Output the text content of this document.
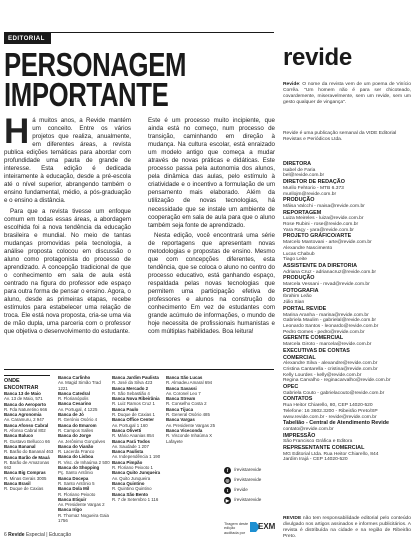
EDITORIAL
PERSONAGEM
IMPORTANTE

Há muitos anos, a Revide mantém um conceito. Entre os vários projetos que realiza, anualmente, em diferentes áreas, a revista publica edições temáticas para abordar com profundidade uma pauta de grande de interesse. Esta edição é dedicada inteiramente à educação, desde a pré-escola até o nível superior, abrangendo também o ensino fundamental, médio, a pós-graduação e o ensino a distância.

Para que a revista tivesse um enfoque comum em todas essas áreas, a abordagem escolhida foi a nova tendência da educação brasileira e mundial. No meio de tantas mudanças promovidas pela tecnologia, a análise proposta colocou em discussão o aluno como protagonista do processo de aprendizado. A concepção tradicional de que o conhecimento em sala de aula está centrado na figura do professor ede espaço para outra forma de pensar o ensino. Agora, o aluno, desde as primeiras etapas, recebe estímulos para estabelecer uma relação de troca. Ele está nova proposta, cria-se uma via de mão dupla, uma parceria com o professor que objetiva o desenvolvimento do estudante.

Este é um processo muito incipiente, que ainda está no começo, num processo de transição, caminhando em direção à mudança. Na cultura escolar, está enraizado um modelo antigo que começa a mudar através de novas práticas e didáticas. Este processo passa pela autonomia dos alunos, pela dinâmica das aulas, pelo estímulo à criatividade e o incentivo a formulação de um pensamento mais elaborado. Além da utilização de novas tecnologias, há necessidade que se instale um ambiente de cooperação em sala de aula para que o aluno também seja fonte de aprendizado.

Nesta edição, você encontrará uma série de reportagens que apresentam novas metodologias e propostas de ensino. Mesmo que com concepções diferentes, esta tendência, que se coloca o aluno no centro do processo educativo, está ganhando espaço, respaldada pelas novas tecnologias que permitem uma participação efetiva de professores e alunos na construção do conhecimento Em vez de estudantes com grande acúmulo de informações, o mundo de hoje necessita de profissionais humanistas e com múltiplas habilidades. Boa leitura!

ONDE
ENCONTRAR
Banca 13 de Maio
Av. 13 de Maio, 571
Banca do Aeroporto
R. Fda Naturetino 666
Banca Agronomia
Av. Caramuru, 2 947
Banca Afonso Cabral
R. Afonso Cabral 802
Banca Baluco
R. Gustavo Bellucco 66
Banca Bananal
R. Barão do Bananal 463
Banca Barão de Mauá
R. Barão de Amazonas 662
Banca Big Compras
R. Minas Gerais 3005
Banca Brasil
R. Duque de Caxias
Banca Carlinho
Av. Magid Simão Trad 1221
Banca Catedral
R. Florianópolis
Banca Cesarino
Av. Portugal, 4 1225
Banca de Jó
R. Gerónio Osório 4
Banca do Emarom
R. Campos Salles
Banca do Jorge
Av. Jerônimo Gonçalves
Banca do Vianão
R. Lacerda Franco
Banca do Lisboa
R. Visc. de Inhaúma 2 500
Banca do Shopping
Pç. Santo Antônio
Banca Docepa
R. Santo Antônio 5
Banca Dola Mil
R. Floriano Peixoto
Banca Etiquir
Av. Presidente Vargas 2
Banca Irigo
R. Thomaz Nogueira Gaia 1756
Banca Jardim Paulista
R. José da Silva 423
Banca Mercado 2
R. São Sebastião 4
Banca Nova Ribeirânia
R. Luiz Ramos Cruz 1
Banca Paulo
R. Duque de Caxias 1
Banca Office Center
Av. Portugal 1 160
Banca Olivetti
R. Mário Ananias 854
Banca Pará Todos
Av. Saudade 1 207
Banca Paulista
Av. Independência 1 190
Banca Pimpão
R. Floriano Peixoto 1
Banca Quito Junqueira
Av. Quito Junqueira
Banca Quintino
R. Quintino Quintino
Banca São Bento
R. 7 de Setembro 1 116
Banca São Lucas
R. Almadeu Amaral 694
Banca Savassi
Av. Coronel Leo 7
Banca Stream
R. Conselho Costa 2
Banca Tijuca
R. General Osório 485
Banca Vargas
Av. Presidente Vargas 25
Banca Viceconda
R. Visconde Inhaúma X Lafayete
f	/revistarevide
◎ /revistarevide
t	/revide
▶	/revistarevide
Tiragem deste edição auditada por
EXM
6 Revide Especial | Educação
revide
Revide: O nome da revista vem de um poema de Vinício Corrêa. "Um homem não é para ser chicoteado, covardemente, miseravelmente, sem um revide, sem um gesto qualquer de vingança".
Revide é uma publicação semanal da VIDE Editorial Revistas e Periódicos Ltda.
DIRETORA
Isabel de Faria
bel@revide.com.br
DIRETOR DE REDAÇÃO
Murilo Fehtorio - MTB 6.373
murilojm@revide.com.br
PRODUÇÃO
Mãisa Valcchi - maisa@revide.com.br
REPORTAGEM
Luiza Meireles - luiza@revide.com.br
Rose Rubini - rose@revide.com.br
Yara Raçy - yara@revide.com.br
PROJETO GRÁFICO/ARTE
Marcelo Mantovani - arte@revide.com.br
Alexandre Nascimento
Lucas Chabub
Tiago Leite
ASSISTENTE DA DIRETORIA
Adriana Cruz - adrianacruz@revide.com.br
PRODUÇÃO
Marcela Vessani - mvad@revide.com.br
FOTOGRAFIA
Ibrahim Leão
Júlio Sian
PORTAL REVIDE
Marina Aranha - marina@revide.com.br
Gabriela Maulim - gabrielal@revide.com.br
Leonardo Santos - leonardo@revide.com.br
Pedro Gomes - pedro@revide.com.br
GERENTE COMERCIAL
Marcela Giroto - marcela@revide.com.br
EXECUTIVAS DE CONTAS
COMERCIAL
Alexandre Silva - alexandre@revide.com.br
Cristina Cantarella - cristina@revide.com.br
Kelly Lourdes - kelly@revide.com.br
Regina Carvalho - reginacarvalho@revide.com.br
OPEC
Gabriela Couto - gabrielacouto@revide.com.br
CONTATOS
Rua Heitor Chiarello, 80, CEP 14020-520
Telefone: 16 3602.3200 - Ribeirão Preto/SP
www.revide.com.br - revide@revide.com.br
Tabelião - Central de Atendimento Revide
contato@revide.com.br
IMPRESSÃO
São Francisco Gráfica e Editora
REPRESENTANTE COMERCIAL
MG Editorial Ltda. Rua Heitor Chiarello, 844
Jardim Irajá - CEP 14020-520
REVIDE não tem responsabilidade editorial pelo conteúdo divulgado nos artigos assinados e informes publicitários. A revista é distribuída na cidade e na região de Ribeirão Preto.
